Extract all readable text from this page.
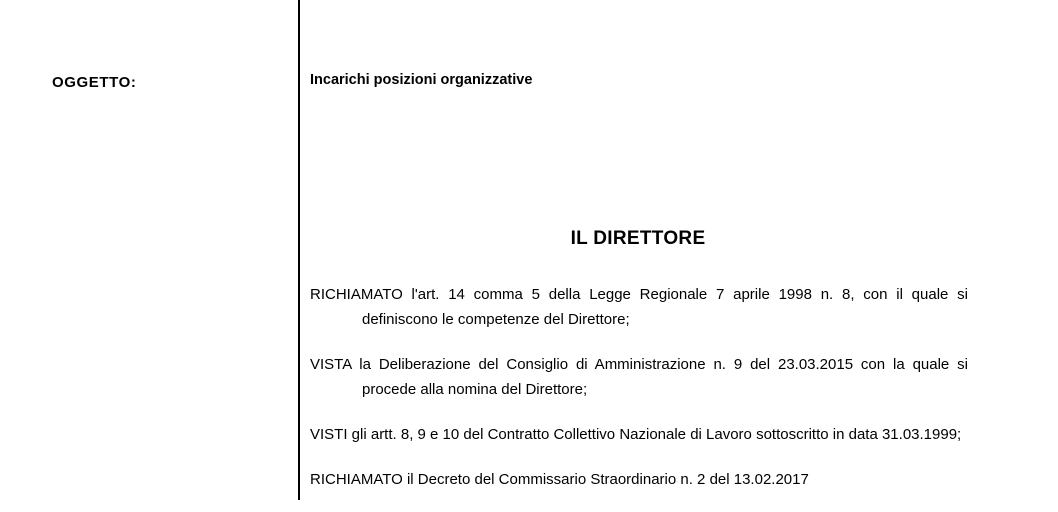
OGGETTO:	Incarichi posizioni organizzative
IL DIRETTORE

RICHIAMATO l'art. 14 comma 5 della Legge Regionale 7 aprile 1998 n. 8, con il quale si definiscono le competenze del Direttore;

VISTA la Deliberazione del Consiglio di Amministrazione n. 9 del 23.03.2015 con la quale si procede alla nomina del Direttore;

VISTI gli artt. 8, 9 e 10 del Contratto Collettivo Nazionale di Lavoro sottoscritto in data 31.03.1999;

RICHIAMATO il Decreto del Commissario Straordinario n. 2 del 13.02.2017
